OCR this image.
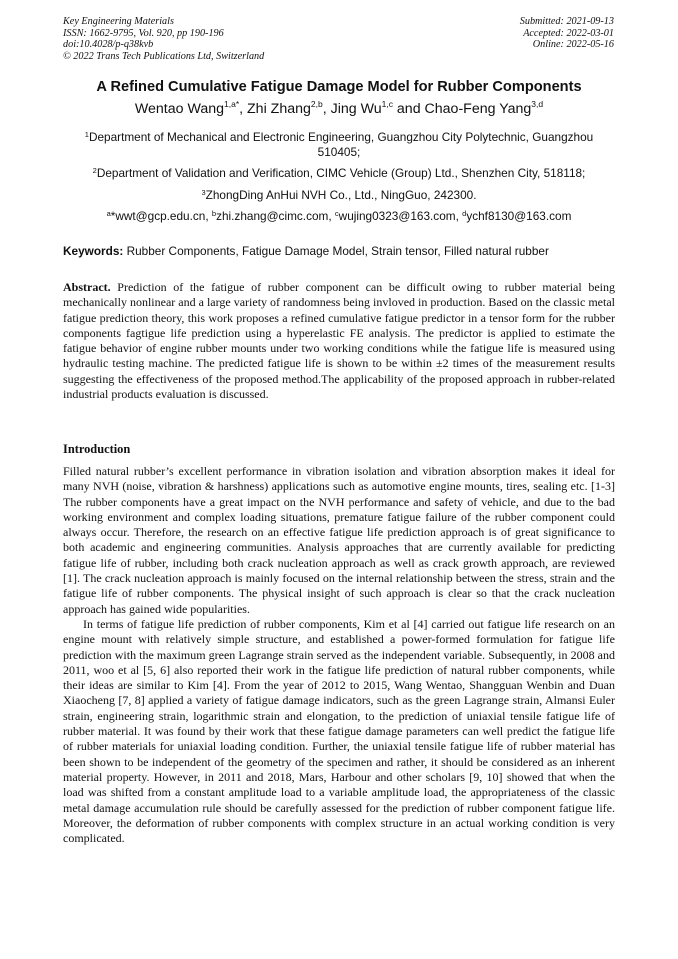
Key Engineering Materials
ISSN: 1662-9795, Vol. 920, pp 190-196
doi:10.4028/p-q38kvb
© 2022 Trans Tech Publications Ltd, Switzerland
Submitted: 2021-09-13
Accepted: 2022-03-01
Online: 2022-05-16
A Refined Cumulative Fatigue Damage Model for Rubber Components
Wentao Wang$^{1,a*}$, Zhi Zhang$^{2,b}$, Jing Wu$^{1,c}$ and Chao-Feng Yang$^{3,d}$
$^1$Department of Mechanical and Electronic Engineering, Guangzhou City Polytechnic, Guangzhou 510405;
$^2$Department of Validation and Verification, CIMC Vehicle (Group) Ltd., Shenzhen City, 518118;
$^3$ZhongDing AnHui NVH Co., Ltd., NingGuo, 242300.
$^a$*wwt@gcp.edu.cn, $^b$zhi.zhang@cimc.com, $^c$wujing0323@163.com, $^d$ychf8130@163.com
Keywords: Rubber Components, Fatigue Damage Model, Strain tensor, Filled natural rubber

Abstract. Prediction of the fatigue of rubber component can be difficult owing to rubber material being mechanically nonlinear and a large variety of randomness being invloved in production. Based on the classic metal fatigue prediction theory, this work proposes a refined cumulative fatigue predictor in a tensor form for the rubber components fagtigue life prediction using a hyperelastic FE analysis. The predictor is applied to estimate the fatigue behavior of engine rubber mounts under two working conditions while the fatigue life is measured using hydraulic testing machine. The predicted fatigue life is shown to be within ±2 times of the measurement results suggesting the effectiveness of the proposed method.The applicability of the proposed approach in rubber-related industrial products evaluation is discussed.

Introduction

Filled natural rubber’s excellent performance in vibration isolation and vibration absorption makes it ideal for many NVH (noise, vibration & harshness) applications such as automotive engine mounts, tires, sealing etc. [1-3] The rubber components have a great impact on the NVH performance and safety of vehicle, and due to the bad working environment and complex loading situations, premature fatigue failure of the rubber component could always occur. Therefore, the research on an effective fatigue life prediction approach is of great significance to both academic and engineering communities. Analysis approaches that are currently available for predicting fatigue life of rubber, including both crack nucleation approach as well as crack growth approach, are reviewed [1]. The crack nucleation approach is mainly focused on the internal relationship between the stress, strain and the fatigue life of rubber components. The physical insight of such approach is clear so that the crack nucleation approach has gained wide popularities.

In terms of fatigue life prediction of rubber components, Kim et al [4] carried out fatigue life research on an engine mount with relatively simple structure, and established a power-formed formulation for fatigue life prediction with the maximum green Lagrange strain served as the independent variable. Subsequently, in 2008 and 2011, woo et al [5, 6] also reported their work in the fatigue life prediction of natural rubber components, while their ideas are similar to Kim [4]. From the year of 2012 to 2015, Wang Wentao, Shangguan Wenbin and Duan Xiaocheng [7, 8] applied a variety of fatigue damage indicators, such as the green Lagrange strain, Almansi Euler strain, engineering strain, logarithmic strain and elongation, to the prediction of uniaxial tensile fatigue life of rubber material. It was found by their work that these fatigue damage parameters can well predict the fatigue life of rubber materials for uniaxial loading condition. Further, the uniaxial tensile fatigue life of rubber material has been shown to be independent of the geometry of the specimen and rather, it should be considered as an inherent material property. However, in 2011 and 2018, Mars, Harbour and other scholars [9, 10] showed that when the load was shifted from a constant amplitude load to a variable amplitude load, the appropriateness of the classic metal damage accumulation rule should be carefully assessed for the prediction of rubber component fatigue life. Moreover, the deformation of rubber components with complex structure in an actual working condition is very complicated.
